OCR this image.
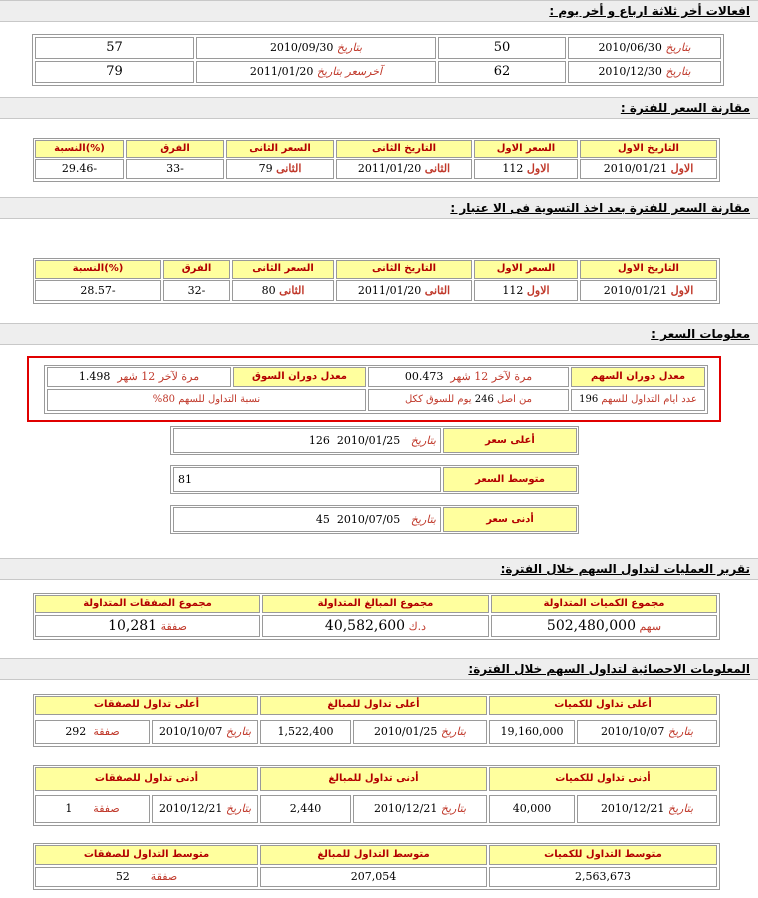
افعالات أخر ثلاثة ارباع و أخر يوم :
بتاريخ 2010/06/30
50
بتاريخ 2010/09/30
57
بتاريخ 2010/12/30
62
آخرسعر بتاريخ 2011/01/20
79
مقارنة السعر للفترة :
التاريخ الاول
السعر الاول
التاريخ الثانى
السعر الثانى
الفرق
(%)النسبة
الاول 2010/01/21
الاول 112
الثانى 2011/01/20
الثانى 79
-33
-29.46
مقارنة السعر للفترة بعد اخذ التسوية فى الا عتبار :
التاريخ الاول
السعر الاول
التاريخ الثانى
السعر الثانى
الفرق
(%)النسبة
الاول 2010/01/21
الاول 112
الثانى 2011/01/20
الثانى 80
-32
-28.57
معلومات السعر :
معدل دوران السهم
مرة لآخر 12 شهر  00.473
معدل دوران السوق
مرة لآخر 12 شهر  1.498
عدد ايام التداول للسهم 196
من اصل 246 يوم للسوق ككل
نسبة التداول للسهم 80%
أعلى سعر
126 2010/01/25 بتاريخ
متوسط السعر
81
أدنى سعر
45 2010/07/05 بتاريخ
تقرير العمليات لتداول السهم خلال الفترة:
مجموع الكميات المتداولة
مجموع المبالغ المتداولة
مجموع الصفقات المتداولة
سهم 502,480,000
د.ك 40,582,600
صفقة 10,281
المعلومات الاحصائية لتداول السهم خلال الفترة:
أعلى تداول للكميات
أعلى تداول للمبالغ
أعلى تداول للصفقات
بتاريخ 2010/10/07
19,160,000
بتاريخ 2010/01/25
1,522,400
بتاريخ 2010/10/07
صفقة  292
أدنى تداول للكميات
أدنى تداول للمبالغ
أدنى تداول للصفقات
بتاريخ 2010/12/21
40,000
بتاريخ 2010/12/21
2,440
بتاريخ 2010/12/21
صفقة      1
متوسط التداول للكميات
متوسط التداول للمبالغ
متوسط التداول للصفقات
2,563,673
207,054
صفقة      52
